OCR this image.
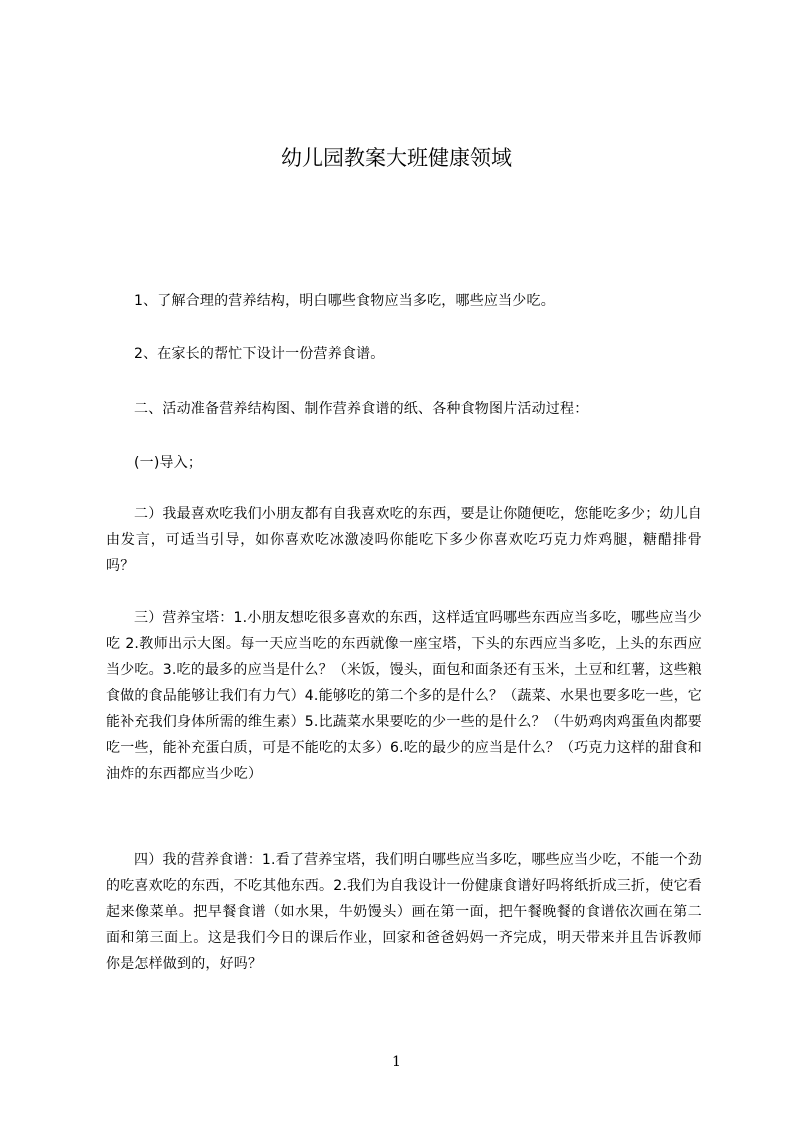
幼儿园教案大班健康领域

1、了解合理的营养结构，明白哪些食物应当多吃，哪些应当少吃。

2、在家长的帮忙下设计一份营养食谱。

二、活动准备营养结构图、制作营养食谱的纸、各种食物图片活动过程：

(一)导入；

二）我最喜欢吃我们小朋友都有自我喜欢吃的东西，要是让你随便吃，您能吃多少；幼儿自由发言，可适当引导，如你喜欢吃冰激凌吗你能吃下多少你喜欢吃巧克力炸鸡腿，糖醋排骨吗？

三）营养宝塔：1.小朋友想吃很多喜欢的东西，这样适宜吗哪些东西应当多吃，哪些应当少吃 2.教师出示大图。每一天应当吃的东西就像一座宝塔，下头的东西应当多吃，上头的东西应当少吃。3.吃的最多的应当是什么？（米饭，馒头，面包和面条还有玉米，土豆和红薯，这些粮食做的食品能够让我们有力气）4.能够吃的第二个多的是什么？（蔬菜、水果也要多吃一些，它能补充我们身体所需的维生素）5.比蔬菜水果要吃的少一些的是什么？（牛奶鸡肉鸡蛋鱼肉都要吃一些，能补充蛋白质，可是不能吃的太多）6.吃的最少的应当是什么？（巧克力这样的甜食和油炸的东西都应当少吃）

四）我的营养食谱：1.看了营养宝塔，我们明白哪些应当多吃，哪些应当少吃，不能一个劲的吃喜欢吃的东西，不吃其他东西。2.我们为自我设计一份健康食谱好吗将纸折成三折，使它看起来像菜单。把早餐食谱（如水果，牛奶馒头）画在第一面，把午餐晚餐的食谱依次画在第二面和第三面上。这是我们今日的课后作业，回家和爸爸妈妈一齐完成，明天带来并且告诉教师你是怎样做到的，好吗？

1
